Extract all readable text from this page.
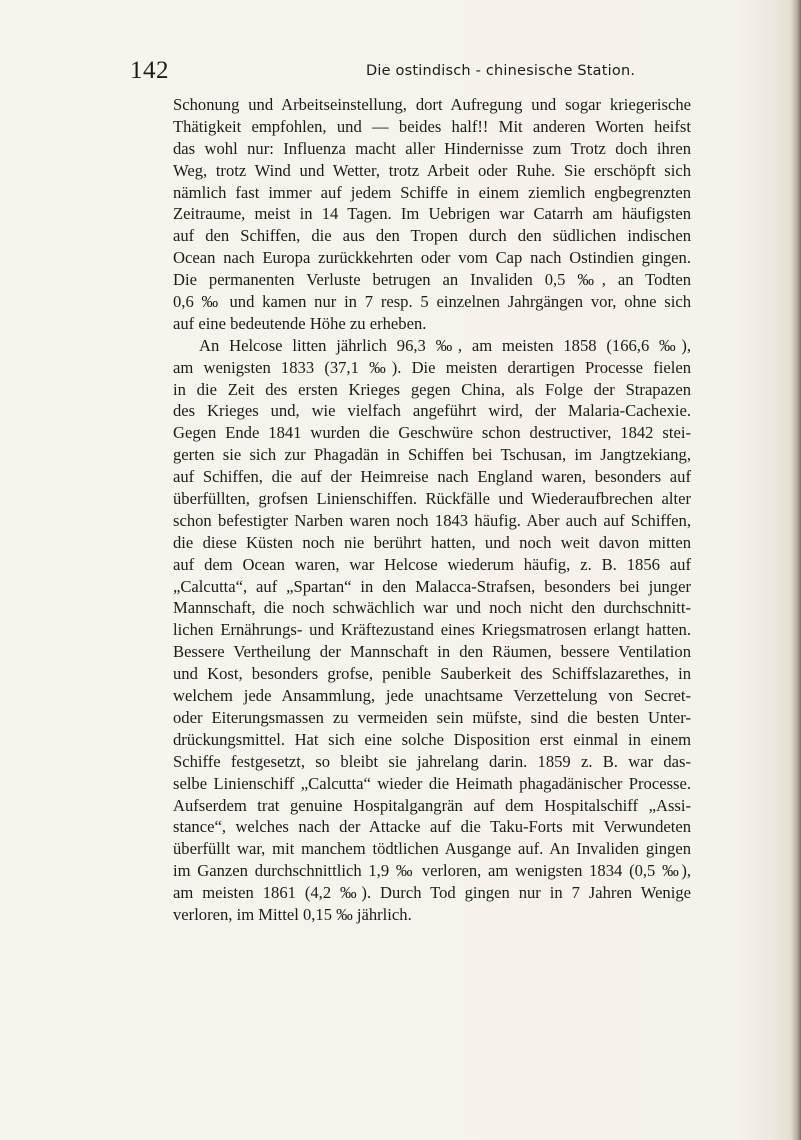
142	Die ostindisch - chinesische Station.

Schonung und Arbeitseinstellung, dort Aufregung und sogar kriegerische
Thätigkeit empfohlen, und — beides half!! Mit anderen Worten heifst
das wohl nur: Influenza macht aller Hindernisse zum Trotz doch ihren
Weg, trotz Wind und Wetter, trotz Arbeit oder Ruhe. Sie erschöpft sich
nämlich fast immer auf jedem Schiffe in einem ziemlich engbegrenzten
Zeitraume, meist in 14 Tagen. Im Uebrigen war Catarrh am häufigsten
auf den Schiffen, die aus den Tropen durch den südlichen indischen
Ocean nach Europa zurückkehrten oder vom Cap nach Ostindien gingen.
Die permanenten Verluste betrugen an Invaliden 0,5 ‰, an Todten
0,6 ‰ und kamen nur in 7 resp. 5 einzelnen Jahrgängen vor, ohne sich
auf eine bedeutende Höhe zu erheben.
An Helcose litten jährlich 96,3 ‰, am meisten 1858 (166,6 ‰),
am wenigsten 1833 (37,1 ‰). Die meisten derartigen Processe fielen
in die Zeit des ersten Krieges gegen China, als Folge der Strapazen
des Krieges und, wie vielfach angeführt wird, der Malaria-Cachexie.
Gegen Ende 1841 wurden die Geschwüre schon destructiver, 1842 stei-
gerten sie sich zur Phagadän in Schiffen bei Tschusan, im Jangtzekiang,
auf Schiffen, die auf der Heimreise nach England waren, besonders auf
überfüllten, grofsen Linienschiffen. Rückfälle und Wiederaufbrechen alter
schon befestigter Narben waren noch 1843 häufig. Aber auch auf Schiffen,
die diese Küsten noch nie berührt hatten, und noch weit davon mitten
auf dem Ocean waren, war Helcose wiederum häufig, z. B. 1856 auf
„Calcutta“, auf „Spartan“ in den Malacca-Strafsen, besonders bei junger
Mannschaft, die noch schwächlich war und noch nicht den durchschnitt-
lichen Ernährungs- und Kräftezustand eines Kriegsmatrosen erlangt hatten.
Bessere Vertheilung der Mannschaft in den Räumen, bessere Ventilation
und Kost, besonders grofse, penible Sauberkeit des Schiffslazarethes, in
welchem jede Ansammlung, jede unachtsame Verzettelung von Secret-
oder Eiterungsmassen zu vermeiden sein müfste, sind die besten Unter-
drückungsmittel. Hat sich eine solche Disposition erst einmal in einem
Schiffe festgesetzt, so bleibt sie jahrelang darin. 1859 z. B. war das-
selbe Linienschiff „Calcutta“ wieder die Heimath phagadänischer Processe.
Aufserdem trat genuine Hospitalgangrän auf dem Hospitalschiff „Assi-
stance“, welches nach der Attacke auf die Taku-Forts mit Verwundeten
überfüllt war, mit manchem tödtlichen Ausgange auf. An Invaliden gingen
im Ganzen durchschnittlich 1,9 ‰ verloren, am wenigsten 1834 (0,5 ‰),
am meisten 1861 (4,2 ‰). Durch Tod gingen nur in 7 Jahren Wenige
verloren, im Mittel 0,15 ‰ jährlich.
